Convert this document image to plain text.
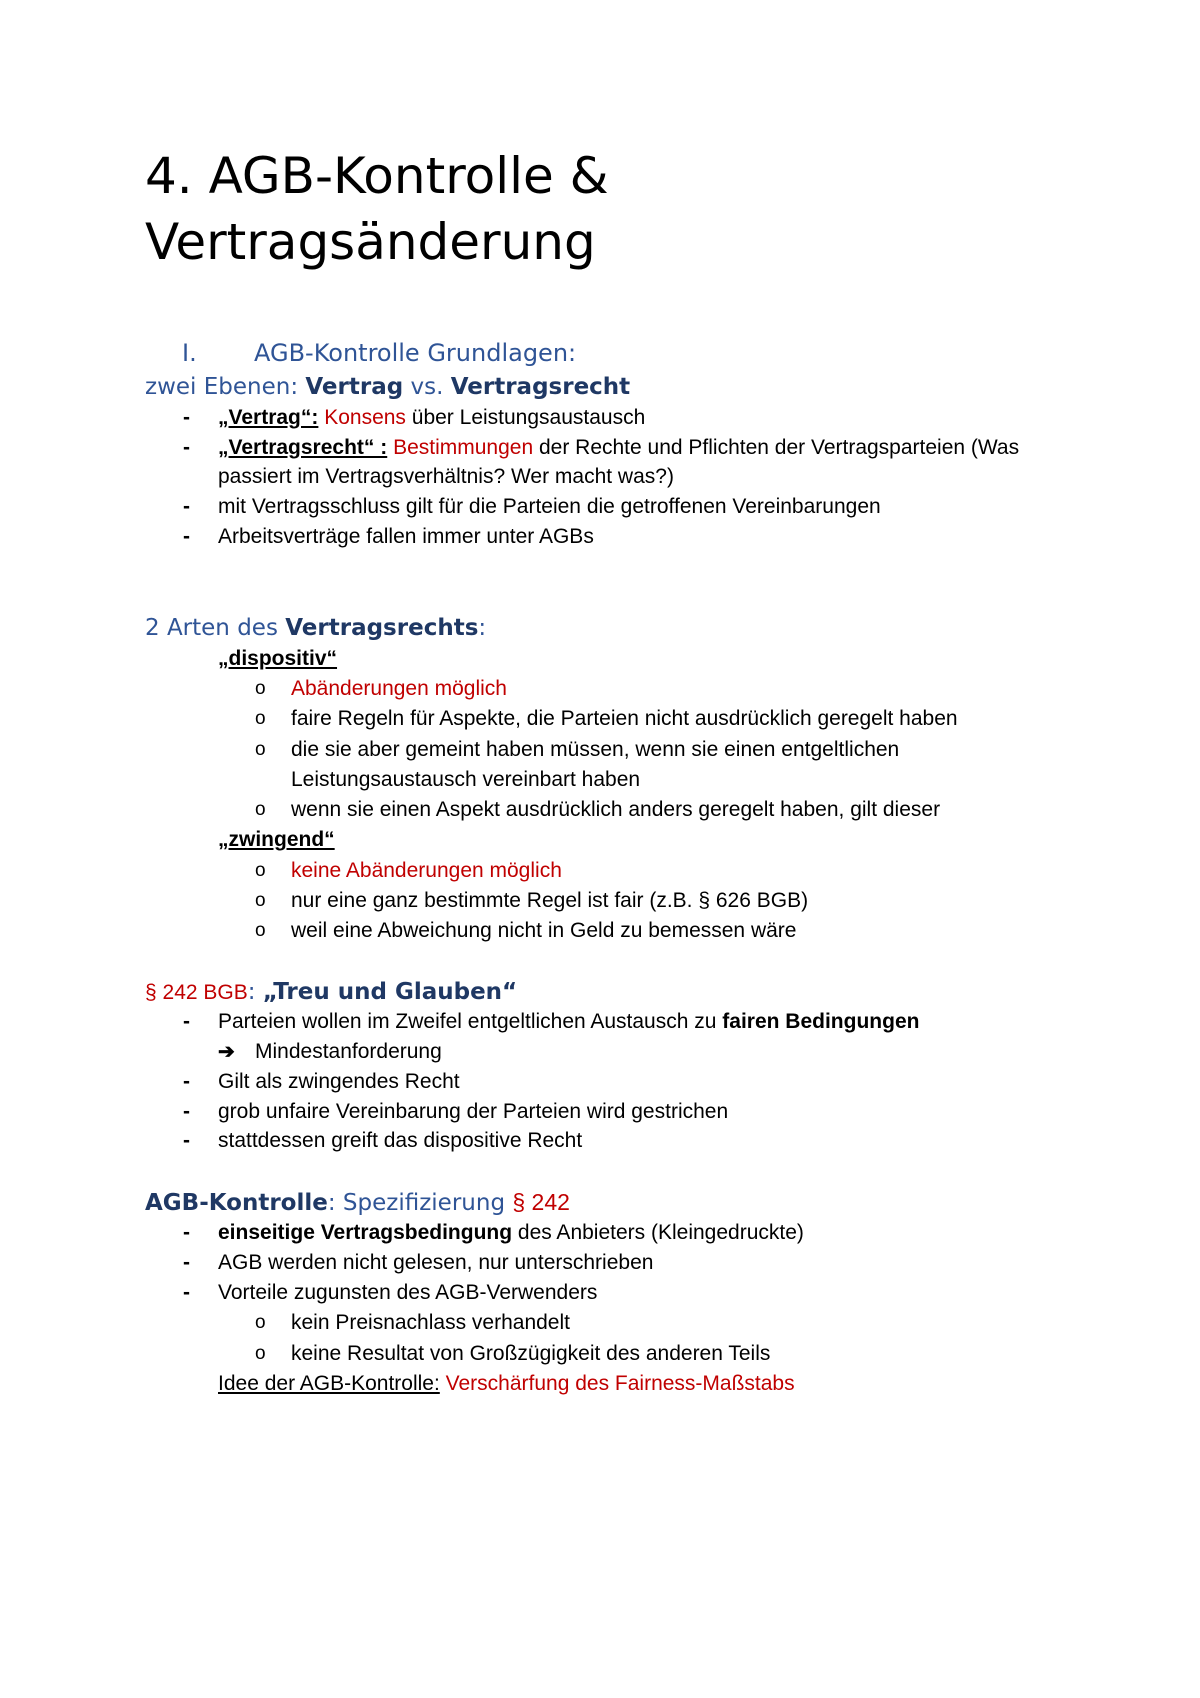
4. AGB-Kontrolle &
Vertragsänderung
I. AGB-Kontrolle Grundlagen:
zwei Ebenen: Vertrag vs. Vertragsrecht
- „Vertrag“: Konsens über Leistungsaustausch
- „Vertragsrecht“ : Bestimmungen der Rechte und Pflichten der Vertragsparteien (Was
passiert im Vertragsverhältnis? Wer macht was?)
- mit Vertragsschluss gilt für die Parteien die getroffenen Vereinbarungen
- Arbeitsverträge fallen immer unter AGBs
2 Arten des Vertragsrechts:
„dispositiv“
o Abänderungen möglich
o faire Regeln für Aspekte, die Parteien nicht ausdrücklich geregelt haben
o die sie aber gemeint haben müssen, wenn sie einen entgeltlichen
Leistungsaustausch vereinbart haben
o wenn sie einen Aspekt ausdrücklich anders geregelt haben, gilt dieser
„zwingend“
o keine Abänderungen möglich
o nur eine ganz bestimmte Regel ist fair (z.B. § 626 BGB)
o weil eine Abweichung nicht in Geld zu bemessen wäre
§ 242 BGB: „Treu und Glauben“
- Parteien wollen im Zweifel entgeltlichen Austausch zu fairen Bedingungen
➔ Mindestanforderung
- Gilt als zwingendes Recht
- grob unfaire Vereinbarung der Parteien wird gestrichen
- stattdessen greift das dispositive Recht
AGB-Kontrolle: Spezifizierung § 242
- einseitige Vertragsbedingung des Anbieters (Kleingedruckte)
- AGB werden nicht gelesen, nur unterschrieben
- Vorteile zugunsten des AGB-Verwenders
o kein Preisnachlass verhandelt
o keine Resultat von Großzügigkeit des anderen Teils
Idee der AGB-Kontrolle: Verschärfung des Fairness-Maßstabs
